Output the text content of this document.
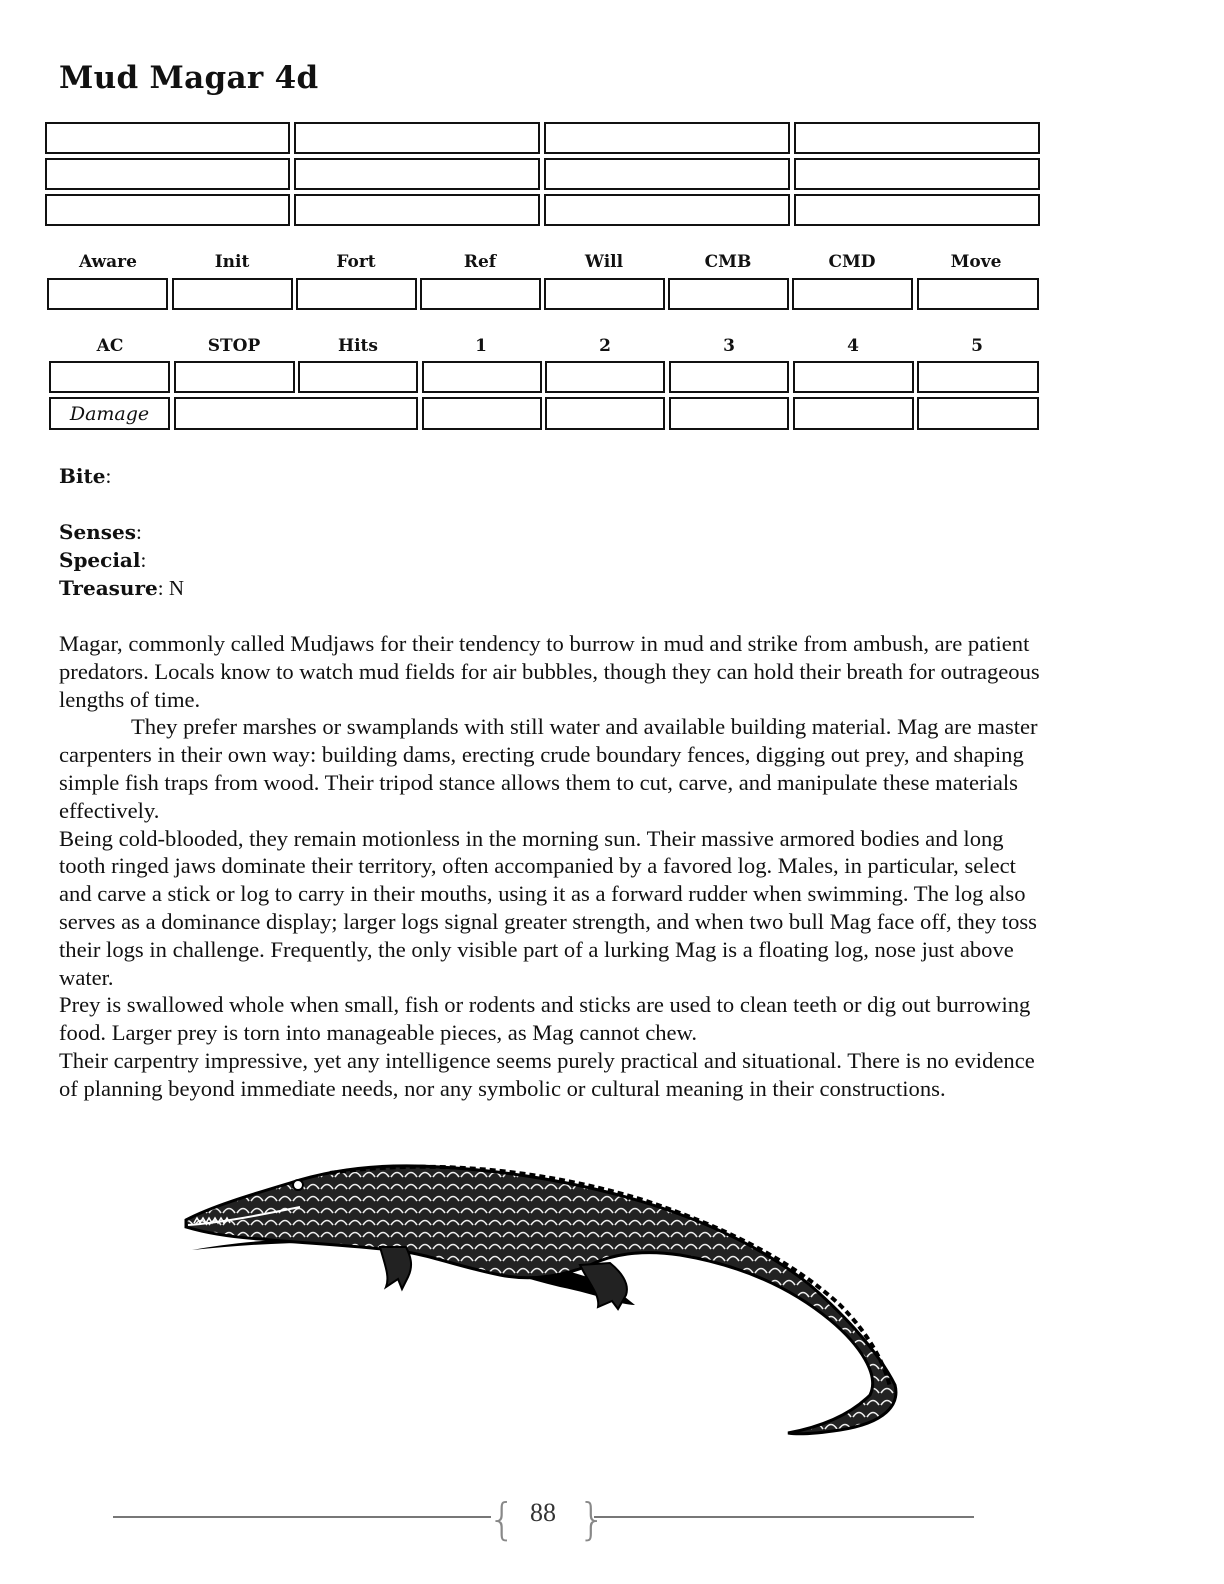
Mud Magar 4d
Aware	Init	Fort	Ref	Will	CMB	CMD	Move
AC	STOP	Hits	1	2	3	4	5
Damage
Bite:
Senses:
Special:
Treasure: N

Magar, commonly called Mudjaws for their tendency to burrow in mud and strike from ambush, are patient predators. Locals know to watch mud fields for air bubbles, though they can hold their breath for outrageous lengths of time.

They prefer marshes or swamplands with still water and available building material. Mag are master carpenters in their own way: building dams, erecting crude boundary fences, digging out prey, and shaping simple fish traps from wood. Their tripod stance allows them to cut, carve, and manipulate these materials effectively.

Being cold-blooded, they remain motionless in the morning sun. Their massive armored bodies and long tooth ringed jaws dominate their territory, often accompanied by a favored log. Males, in particular, select and carve a stick or log to carry in their mouths, using it as a forward rudder when swimming. The log also serves as a dominance display; larger logs signal greater strength, and when two bull Mag face off, they toss their logs in challenge. Frequently, the only visible part of a lurking Mag is a floating log, nose just above water.

Prey is swallowed whole when small, fish or rodents and sticks are used to clean teeth or dig out burrowing food. Larger prey is torn into manageable pieces, as Mag cannot chew.

Their carpentry impressive, yet any intelligence seems purely practical and situational. There is no evidence of planning beyond immediate needs, nor any symbolic or cultural meaning in their constructions.

{ }
88
